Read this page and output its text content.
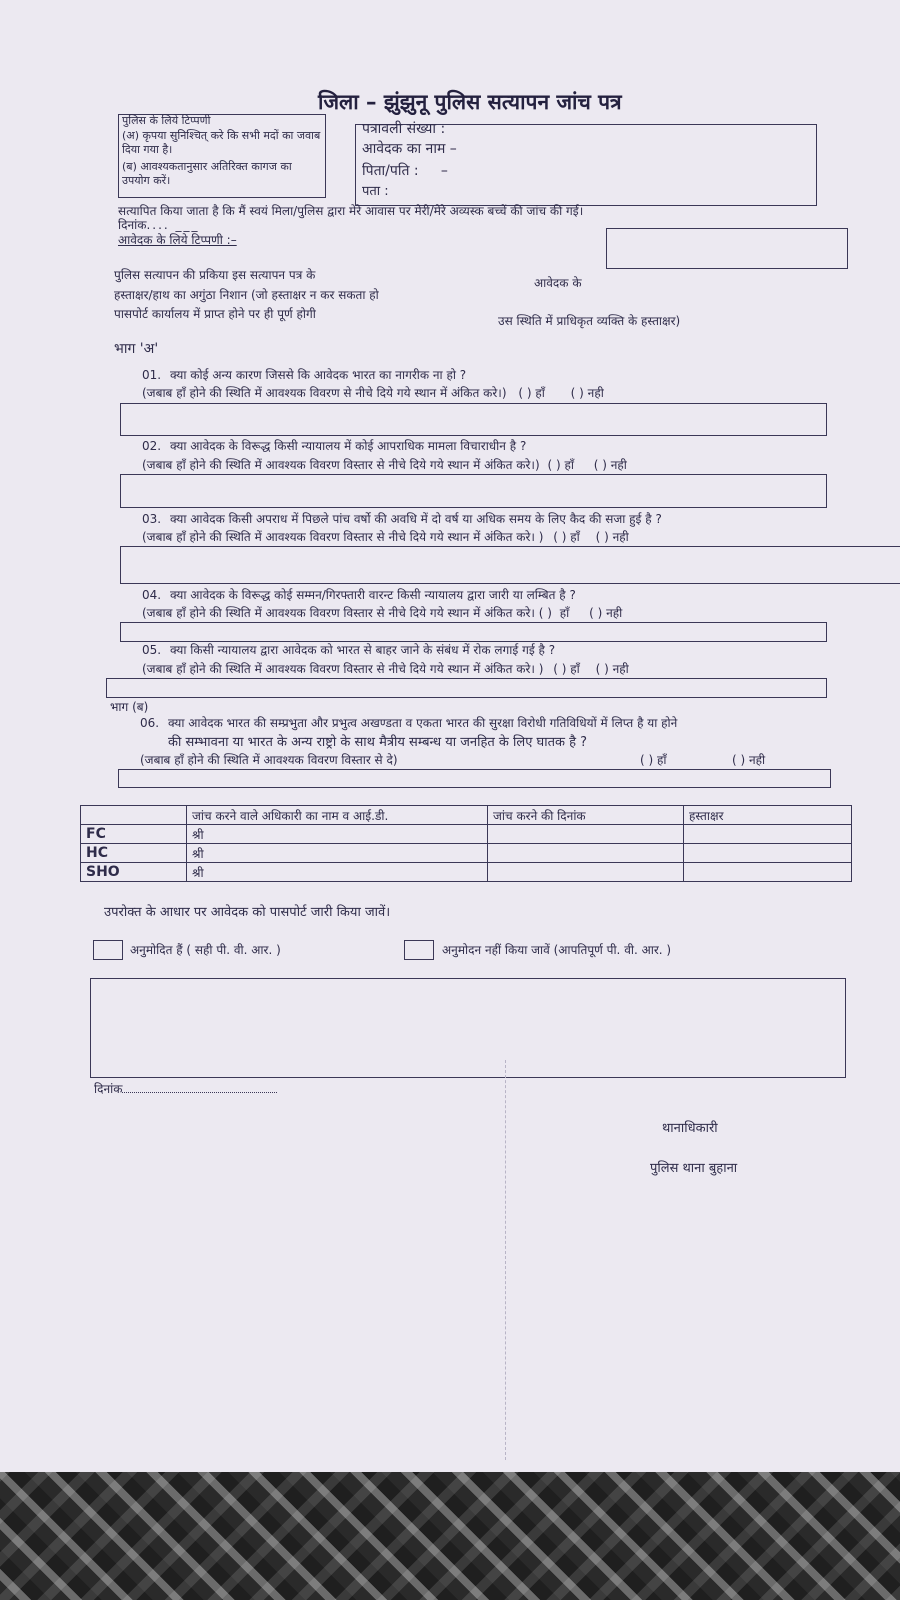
जिला – झुंझुनू पुलिस सत्यापन जांच पत्र
पुलिस के लिये टिप्पणी
(अ) कृपया सुनिश्चित् करे कि सभी मदों का जवाब दिया गया है।
(ब) आवश्यकतानुसार अतिरिक्त कागज का उपयोग करें।
पत्रावली संख्या :
आवेदक का नाम –
पिता/पति :     –
पता :
सत्यापित किया जाता है कि मैं स्वयं मिला/पुलिस द्वारा मेरे आवास पर मेरी/मेरे अव्यस्क बच्चें की जांच की गई।
दिनांक.... ___
आवेदक के लिये टिप्पणी :–
पुलिस सत्यापन की प्रकिया इस सत्यापन पत्र के
हस्ताक्षर/हाथ का अगुंठा निशान (जो हस्ताक्षर न कर सकता हो
पासपोर्ट कार्यालय में प्राप्त होने पर ही पूर्ण होगी
आवेदक के
उस स्थिति में प्राधिकृत व्यक्ति के हस्ताक्षर)
भाग 'अ'
01. क्या कोई अन्य कारण जिससे कि आवेदक भारत का नागरीक ना हो ?
(जबाब हॉं होने की स्थिति में आवश्यक विवरण से नीचे दिये गये स्थान में अंकित करे।) ( ) हॉं ( ) नही
02. क्या आवेदक के विरूद्ध किसी न्यायालय में कोई आपराधिक मामला विचाराधीन है ?
(जबाब हॉं होने की स्थिति में आवश्यक विवरण विस्तार से नीचे दिये गये स्थान में अंकित करे।) ( ) हॉं ( ) नही
03. क्या आवेदक किसी अपराध में पिछले पांच वर्षो की अवधि में दो वर्ष या अधिक समय के लिए कैद की सजा हुई है ?
(जबाब हॉं होने की स्थिति में आवश्यक विवरण विस्तार से नीचे दिये गये स्थान में अंकित करे। ) ( ) हॉं ( ) नही
04. क्या आवेदक के विरूद्ध कोई सम्मन/गिरफ्तारी वारन्ट किसी न्यायालय द्वारा जारी या लम्बित है ?
(जबाब हॉं होने की स्थिति में आवश्यक विवरण विस्तार से नीचे दिये गये स्थान में अंकित करे। ( ) हॉं ( ) नही
05. क्या किसी न्यायालय द्वारा आवेदक को भारत से बाहर जाने के संबंध में रोक लगाई गई है ?
(जबाब हॉं होने की स्थिति में आवश्यक विवरण विस्तार से नीचे दिये गये स्थान में अंकित करे। ) ( ) हॉं ( ) नही
भाग (ब)
06. क्या आवेदक भारत की सम्प्रभुता और प्रभुत्व अखण्डता व एकता भारत की सुरक्षा विरोधी गतिविधियों में लिप्त है या होने
की सम्भावना या भारत के अन्य राष्ट्रो के साथ मैत्रीय सम्बन्ध या जनहित के लिए घातक है ?
(जबाब हॉं होने की स्थिति में आवश्यक विवरण विस्तार से दे)	( ) हॉं	( ) नही
	जांच करने वाले अधिकारी का नाम व आई.डी.	जांच करने की दिनांक	हस्ताक्षर
FC	श्री		
HC	श्री		
SHO	श्री		
उपरोक्त के आधार पर आवेदक को पासपोर्ट जारी किया जावें।
अनुमोदित हैं ( सही पी. वी. आर. )	अनुमोदन नहीं किया जावें (आपतिपूर्ण पी. वी. आर. )
दिनांक
थानाधिकारी
पुलिस थाना बुहाना
